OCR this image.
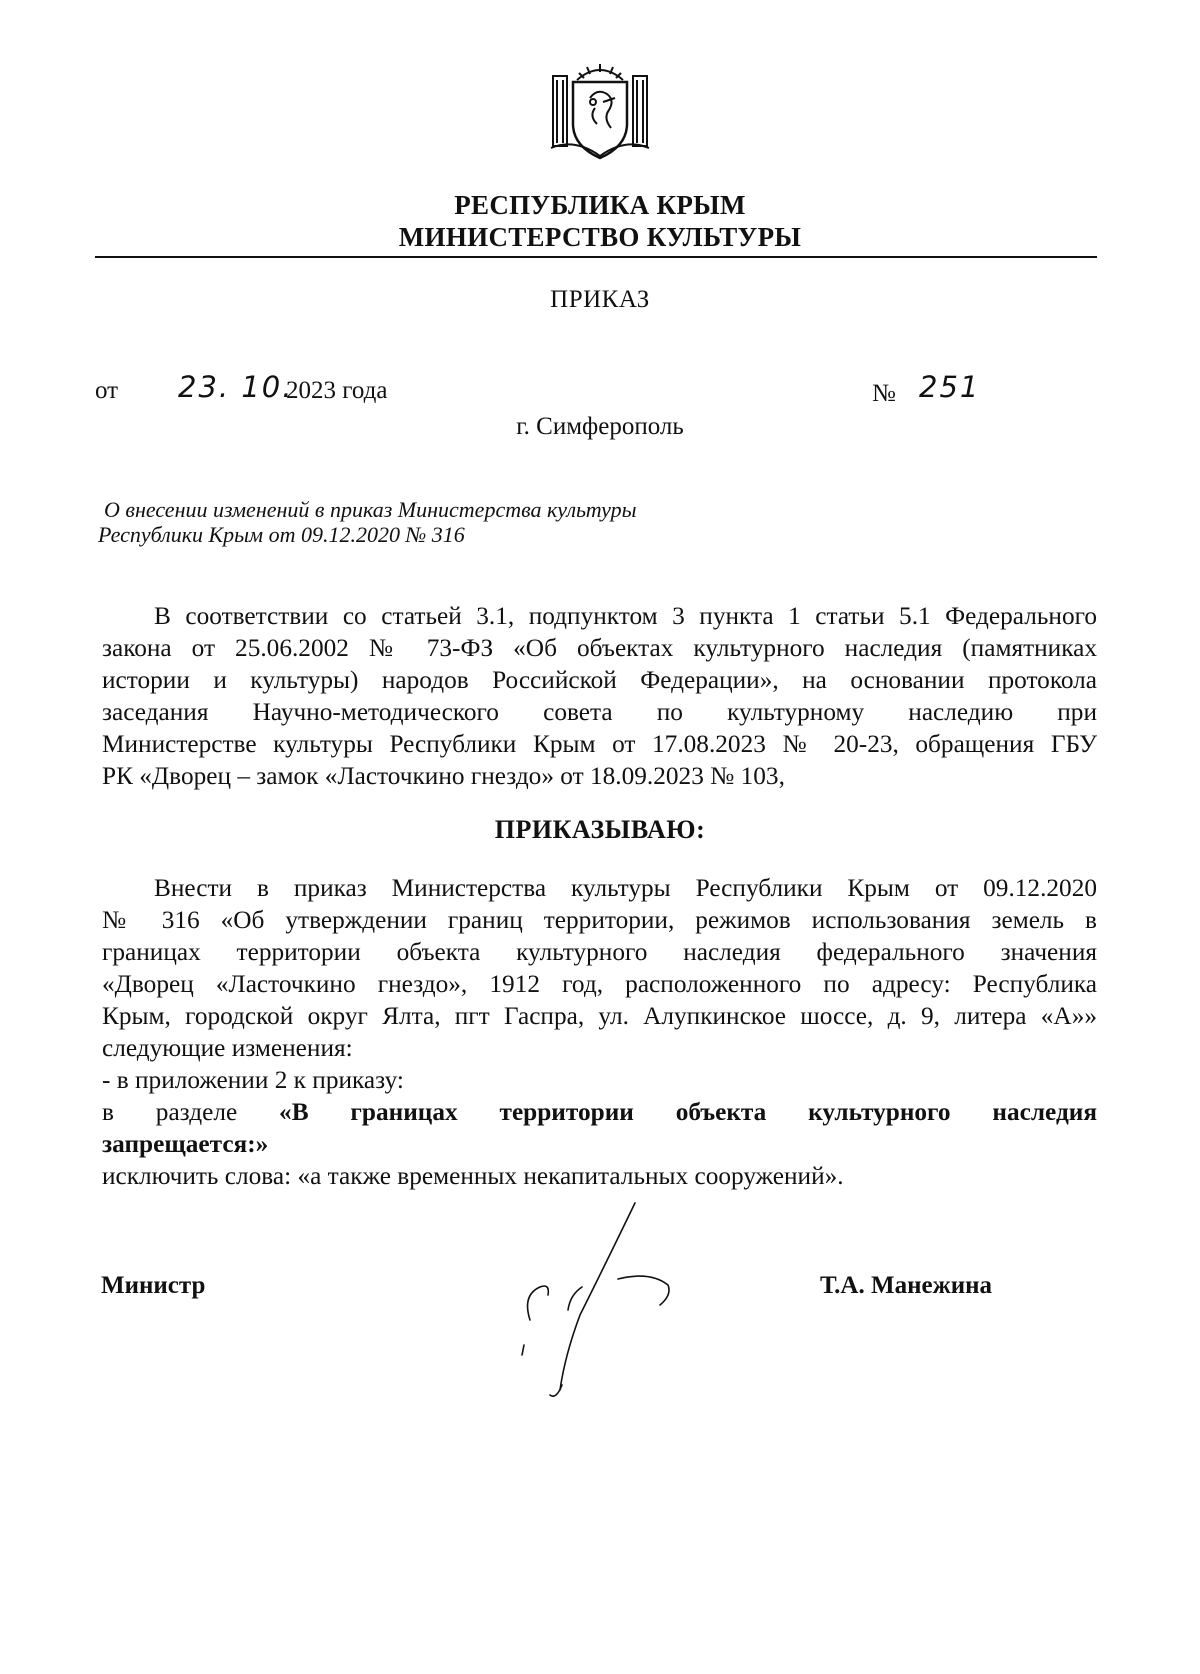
РЕСПУБЛИКА КРЫМ
МИНИСТЕРСТВО КУЛЬТУРЫ
ПРИКАЗ
от 23. 10.
2023 года	№ 251
г. Симферополь
О внесении изменений в приказ Министерства культуры
Республики Крым от 09.12.2020 № 316
В соответствии со статьей 3.1, подпунктом 3 пункта 1 статьи 5.1 Федерального
закона от 25.06.2002 № 73-ФЗ «Об объектах культурного наследия (памятниках
истории и культуры) народов Российской Федерации», на основании протокола
заседания Научно-методического совета по культурному наследию при
Министерстве культуры Республики Крым от 17.08.2023 № 20-23, обращения ГБУ
РК «Дворец – замок «Ласточкино гнездо» от 18.09.2023 № 103,
ПРИКАЗЫВАЮ:
Внести в приказ Министерства культуры Республики Крым от 09.12.2020
№ 316 «Об утверждении границ территории, режимов использования земель в
границах территории объекта культурного наследия федерального значения
«Дворец «Ласточкино гнездо», 1912 год, расположенного по адресу: Республика
Крым, городской округ Ялта, пгт Гаспра, ул. Алупкинское шоссе, д. 9, литера «А»»
следующие изменения:
- в приложении 2 к приказу:
в разделе «В границах территории объекта культурного наследия
запрещается:»
исключить слова: «а также временных некапитальных сооружений».
Министр	Т.А. Манежина
